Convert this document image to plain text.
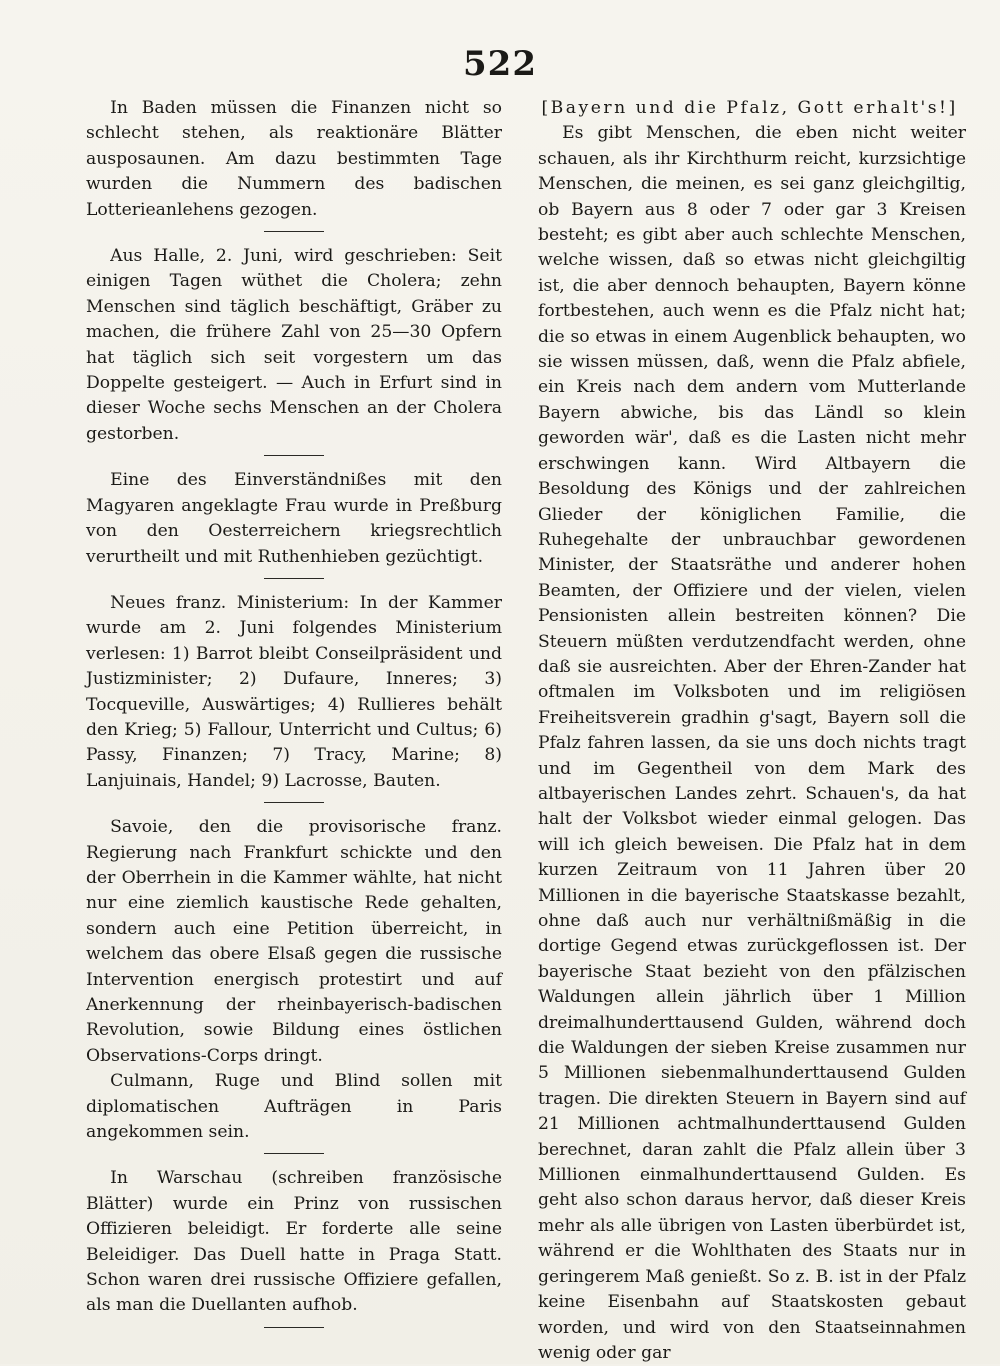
522

In Baden müssen die Finanzen nicht so schlecht stehen, als reaktionäre Blätter ausposaunen. Am dazu bestimmten Tage wurden die Nummern des badischen Lotterieanlehens gezogen.

Aus Halle, 2. Juni, wird geschrieben: Seit einigen Tagen wüthet die Cholera; zehn Menschen sind täglich beschäftigt, Gräber zu machen, die frühere Zahl von 25—30 Opfern hat täglich sich seit vorgestern um das Doppelte gesteigert. — Auch in Erfurt sind in dieser Woche sechs Menschen an der Cholera gestorben.

Eine des Einverständnißes mit den Magyaren angeklagte Frau wurde in Preßburg von den Oesterreichern kriegsrechtlich verurtheilt und mit Ruthenhieben gezüchtigt.

Neues franz. Ministerium: In der Kammer wurde am 2. Juni folgendes Ministerium verlesen: 1) Barrot bleibt Conseilpräsident und Justizminister; 2) Dufaure, Inneres; 3) Tocqueville, Auswärtiges; 4) Rullieres behält den Krieg; 5) Fallour, Unterricht und Cultus; 6) Passy, Finanzen; 7) Tracy, Marine; 8) Lanjuinais, Handel; 9) Lacrosse, Bauten.

Savoie, den die provisorische franz. Regierung nach Frankfurt schickte und den der Oberrhein in die Kammer wählte, hat nicht nur eine ziemlich kaustische Rede gehalten, sondern auch eine Petition überreicht, in welchem das obere Elsaß gegen die russische Intervention energisch protestirt und auf Anerkennung der rheinbayerisch-badischen Revolution, sowie Bildung eines östlichen Observations-Corps dringt.

Culmann, Ruge und Blind sollen mit diplomatischen Aufträgen in Paris angekommen sein.

In Warschau (schreiben französische Blätter) wurde ein Prinz von russischen Offizieren beleidigt. Er forderte alle seine Beleidiger. Das Duell hatte in Praga Statt. Schon waren drei russische Offiziere gefallen, als man die Duellanten aufhob.

[Bayern und die Pfalz, Gott erhalt's!]

Es gibt Menschen, die eben nicht weiter schauen, als ihr Kirchthurm reicht, kurzsichtige Menschen, die meinen, es sei ganz gleichgiltig, ob Bayern aus 8 oder 7 oder gar 3 Kreisen besteht; es gibt aber auch schlechte Menschen, welche wissen, daß so etwas nicht gleichgiltig ist, die aber dennoch behaupten, Bayern könne fortbestehen, auch wenn es die Pfalz nicht hat; die so etwas in einem Augenblick behaupten, wo sie wissen müssen, daß, wenn die Pfalz abfiele, ein Kreis nach dem andern vom Mutterlande Bayern abwiche, bis das Ländl so klein geworden wär', daß es die Lasten nicht mehr erschwingen kann. Wird Altbayern die Besoldung des Königs und der zahlreichen Glieder der königlichen Familie, die Ruhegehalte der unbrauchbar gewordenen Minister, der Staatsräthe und anderer hohen Beamten, der Offiziere und der vielen, vielen Pensionisten allein bestreiten können? Die Steuern müßten verdutzendfacht werden, ohne daß sie ausreichten. Aber der Ehren-Zander hat oftmalen im Volksboten und im religiösen Freiheitsverein gradhin g'sagt, Bayern soll die Pfalz fahren lassen, da sie uns doch nichts tragt und im Gegentheil von dem Mark des altbayerischen Landes zehrt. Schauen's, da hat halt der Volksbot wieder einmal gelogen. Das will ich gleich beweisen. Die Pfalz hat in dem kurzen Zeitraum von 11 Jahren über 20 Millionen in die bayerische Staatskasse bezahlt, ohne daß auch nur verhältnißmäßig in die dortige Gegend etwas zurückgeflossen ist. Der bayerische Staat bezieht von den pfälzischen Waldungen allein jährlich über 1 Million dreimalhunderttausend Gulden, während doch die Waldungen der sieben Kreise zusammen nur 5 Millionen siebenmalhunderttausend Gulden tragen. Die direkten Steuern in Bayern sind auf 21 Millionen achtmalhunderttausend Gulden berechnet, daran zahlt die Pfalz allein über 3 Millionen einmalhunderttausend Gulden. Es geht also schon daraus hervor, daß dieser Kreis mehr als alle übrigen von Lasten überbürdet ist, während er die Wohlthaten des Staats nur in geringerem Maß genießt. So z. B. ist in der Pfalz keine Eisenbahn auf Staatskosten gebaut worden, und wird von den Staatseinnahmen wenig oder gar
